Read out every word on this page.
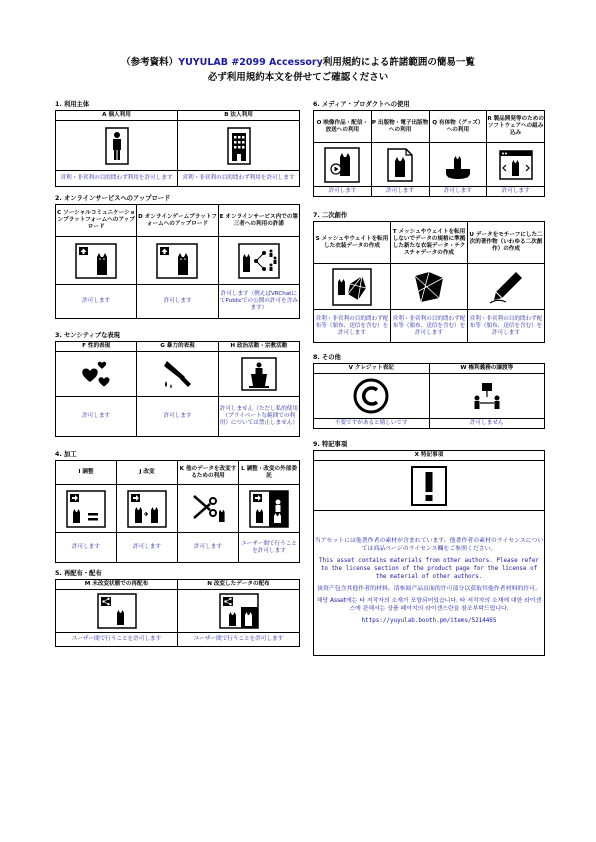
（参考資料）YUYULAB #2099 Accessory利用規約による許諾範囲の簡易一覧
必ず利用規約本文を併せてご確認ください
1. 利用主体
A 個人利用	B 法人利用

営利・非営利の目的問わず利用を許可します	営利・非営利の目的問わず利用を許可します
2. オンラインサービスへのアップロード
C ソーシャルコミュニケーションプラットフォームへのアップロード	D オンラインゲームプラットフォームへのアップロード	E オンラインサービス内での第三者への利用の許諾

許可します	許可します	許可します（例えばVRChatにてPublicでの公開の許可を含みます）
3. センシティブな表現
F 性的表現	G 暴力的表現	H 政治活動・宗教活動

許可します	許可します	許可しません（ただし私的使用（プライベートな範囲での利用）については禁止しません）
4. 加工
I 調整	J 改変	K 他のデータを改変するための利用	L 調整・改変の外部委託

許可します	許可します	許可します	ユーザー間で行うことを許可します
5. 再配布・配布
M 未改変状態での再配布	N 改変したデータの配布

ユーザー間で行うことを許可します	ユーザー間で行うことを許可します
6. メディア・プロダクトへの使用
O 映像作品・配信・放送への利用	P 出版物・電子出版物への利用	Q 有体物（グッズ）への利用	R 製品開発等のためのソフトウェアへの組み込み

許可します	許可します	許可します	許可します
7. 二次創作
S メッシュやウェイトを転用した衣装データの作成	T メッシュやウェイトを転用しないでデータの規格に準拠した新たな衣装データ・テクスチャデータの作成	U データをモチーフにした二次的著作物（いわゆる二次創作）の作成

営利・非営利の目的問わず配布等（頒布、送信を含む）を許可します	営利・非営利の目的問わず配布等（頒布、送信を含む）を許可します	営利・非営利の目的問わず配布等（頒布、送信を含む）を許可します
8. その他
V クレジット表記	W 権利義務の譲渡等

不要ですがあると嬉しいです	許可しません
9. 特記事項
X 特記事項

当アセットには他著作者の素材が含まれています。他著作者の素材のライセンスについては商品ページのライセンス欄をご参照ください。

This asset contains materials from other authors. Please refer to the license section of the product page for the license of the material of other authors.

该资产包含其他作者的材料。请参阅产品页面的许可部分以获取其他作者材料的许可。

해당 Asset에는 타 저작자의 소재가 포함되어있습니다. 타 저작자의 소재에 대한 라이센스에 관해서는 상품 페이지의 라이센스란을 참조부탁드립니다.

https://yuyulab.booth.pm/items/5214465
